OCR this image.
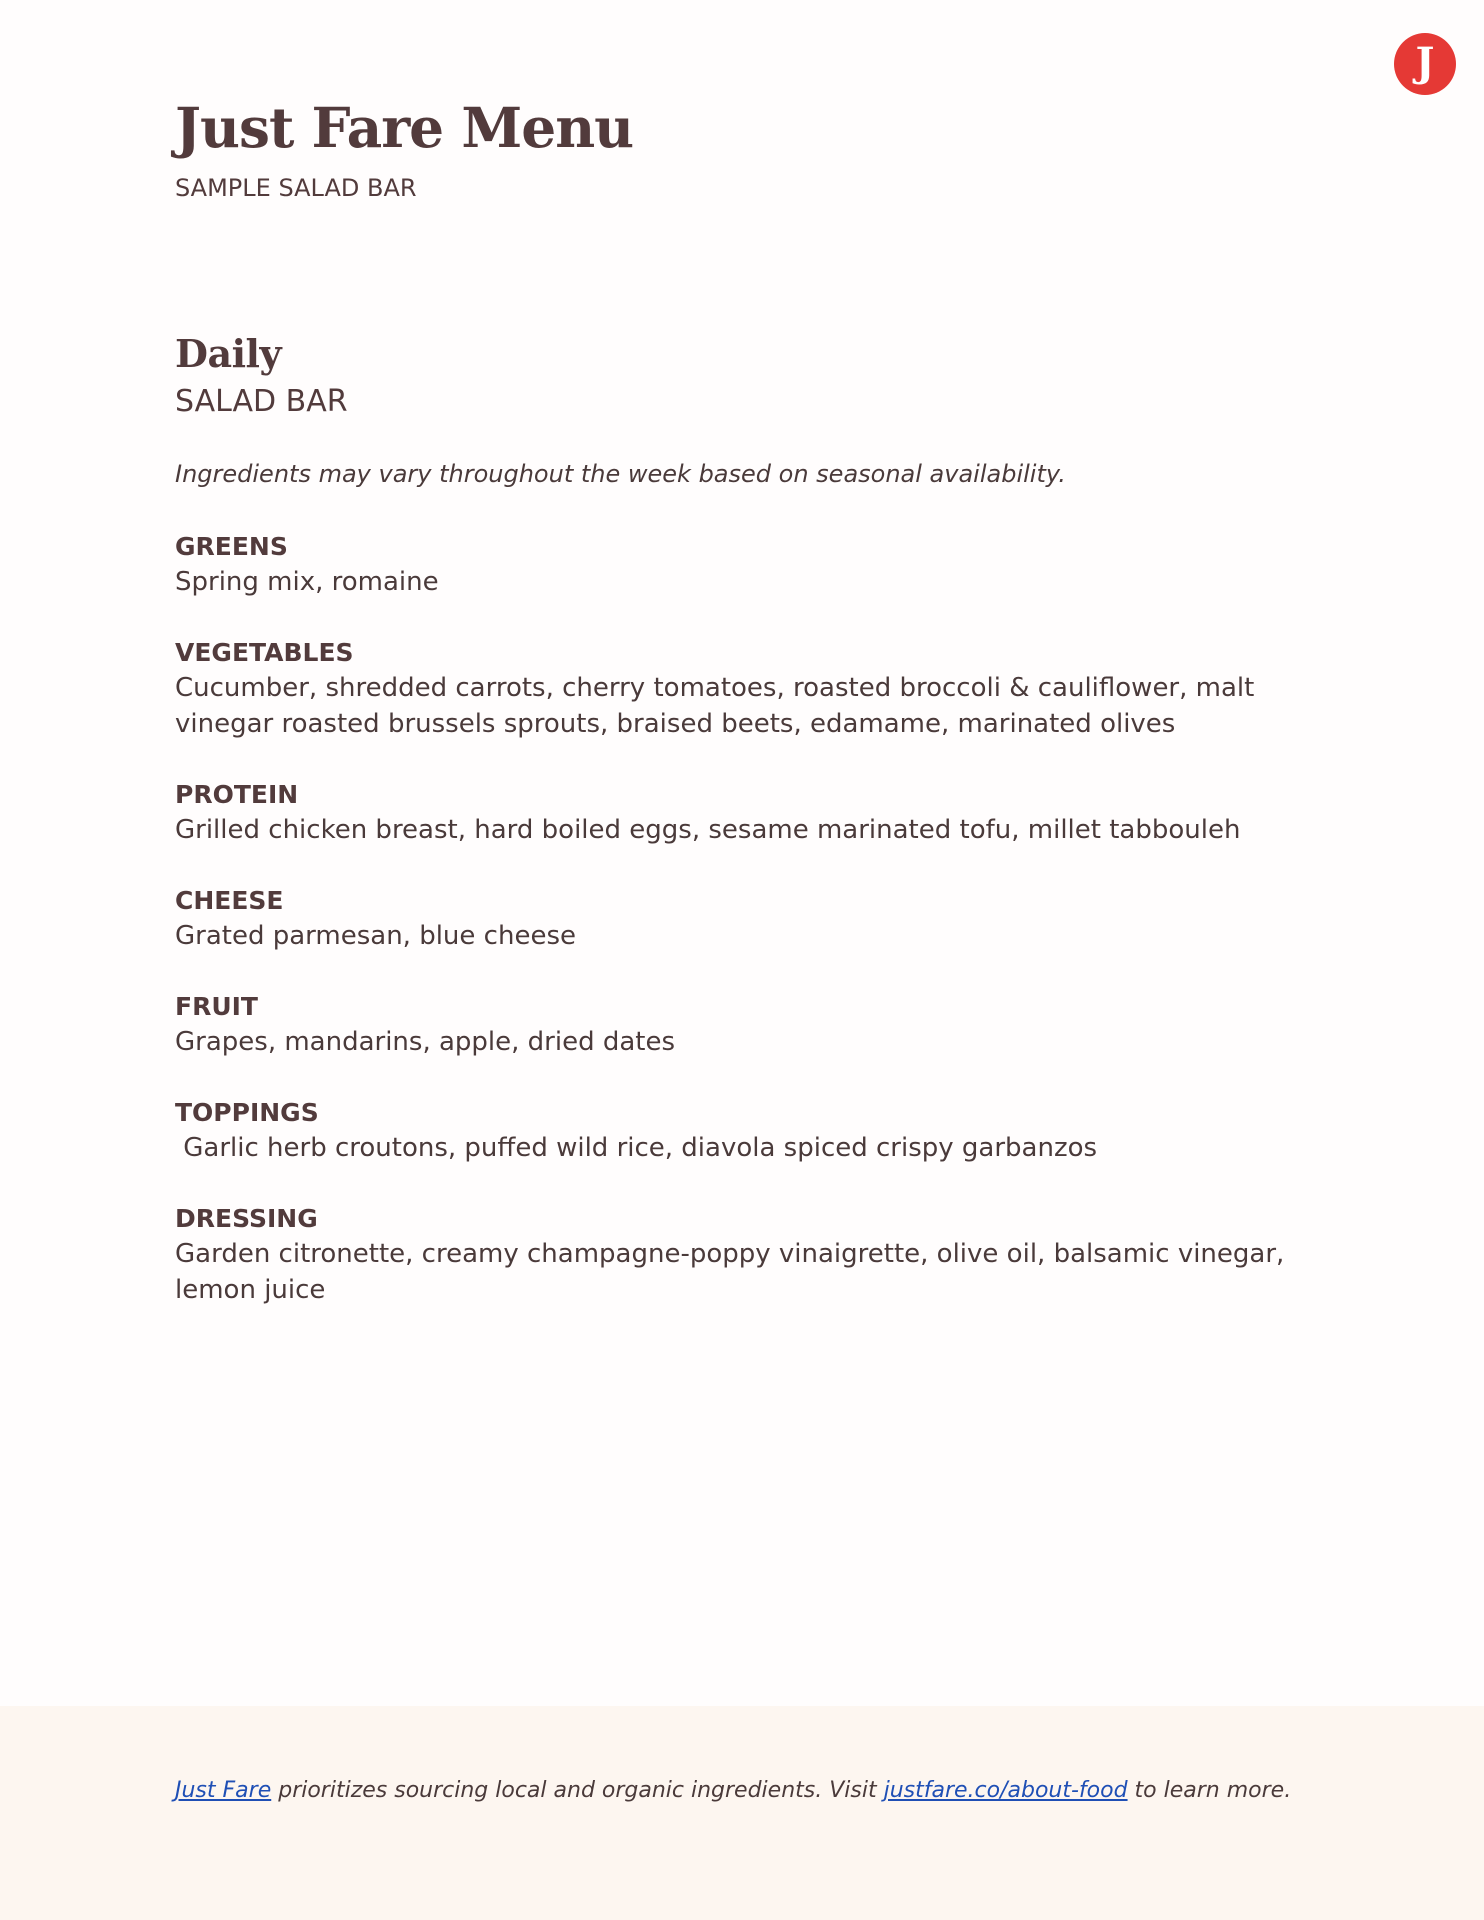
J
Just Fare Menu
SAMPLE SALAD BAR
Daily
SALAD BAR

Ingredients may vary throughout the week based on seasonal availability.

GREENS
Spring mix, romaine
VEGETABLES
Cucumber, shredded carrots, cherry tomatoes, roasted broccoli & cauliflower, malt vinegar roasted brussels sprouts, braised beets, edamame, marinated olives
PROTEIN
Grilled chicken breast, hard boiled eggs, sesame marinated tofu, millet tabbouleh
CHEESE
Grated parmesan, blue cheese
FRUIT
Grapes, mandarins, apple, dried dates
TOPPINGS
Garlic herb croutons, puffed wild rice, diavola spiced crispy garbanzos
DRESSING
Garden citronette, creamy champagne-poppy vinaigrette, olive oil, balsamic vinegar, lemon juice

Just Fare prioritizes sourcing local and organic ingredients. Visit justfare.co/about-food to learn more.
